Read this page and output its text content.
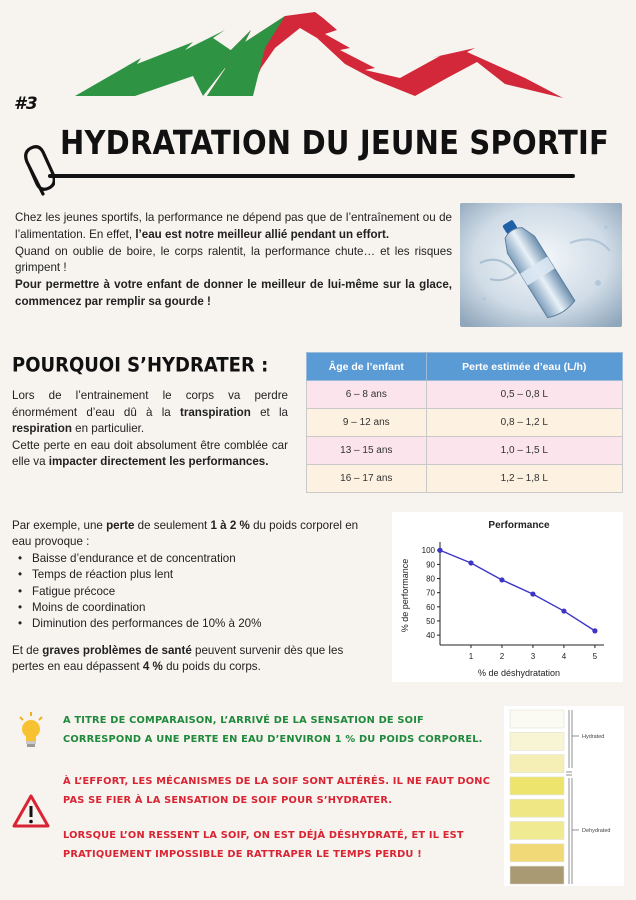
#3
HYDRATATION DU JEUNE SPORTIF
Chez les jeunes sportifs, la performance ne dépend pas que de l’entraînement ou de l’alimentation. En effet, l’eau est notre meilleur allié pendant un effort.
Quand on oublie de boire, le corps ralentit, la performance chute… et les risques grimpent !
Pour permettre à votre enfant de donner le meilleur de lui-même sur la glace, commencez par remplir sa gourde !
POURQUOI S’HYDRATER :
Lors de l’entrainement le corps va perdre énormément d’eau dû à la transpiration et la respiration en particulier.
Cette perte en eau doit absolument être comblée car elle va impacter directement les performances.
Âge de l’enfant	Perte estimée d’eau (L/h)
6 – 8 ans	0,5 – 0,8 L
9 – 12 ans	0,8 – 1,2 L
13 – 15 ans	1,0 – 1,5 L
16 – 17 ans	1,2 – 1,8 L

Par exemple, une perte de seulement 1 à 2 % du poids corporel en eau provoque :

• Baisse d’endurance et de concentration
• Temps de réaction plus lent
• Fatigue précoce
• Moins de coordination
• Diminution des performances de 10% à 20%

Et de graves problèmes de santé peuvent survenir dès que les pertes en eau dépassent 4 % du poids du corps.

Performance
40
50
60
70
80
90
100
1	2	3	4	5
% de déshydratation
% de performance
A TITRE DE COMPARAISON, L’ARRIVÉ DE LA SENSATION DE SOIF CORRESPOND A UNE PERTE EN EAU D’ENVIRON 1 % DU POIDS CORPOREL.
À L’EFFORT, LES MÉCANISMES DE LA SOIF SONT ALTÉRÉS. IL NE FAUT DONC PAS SE FIER À LA SENSATION DE SOIF POUR S’HYDRATER.
LORSQUE L’ON RESSENT LA SOIF, ON EST DÉJÀ DÉSHYDRATÉ, ET IL EST PRATIQUEMENT IMPOSSIBLE DE RATTRAPER LE TEMPS PERDU !
Hydrated
Dehydrated
